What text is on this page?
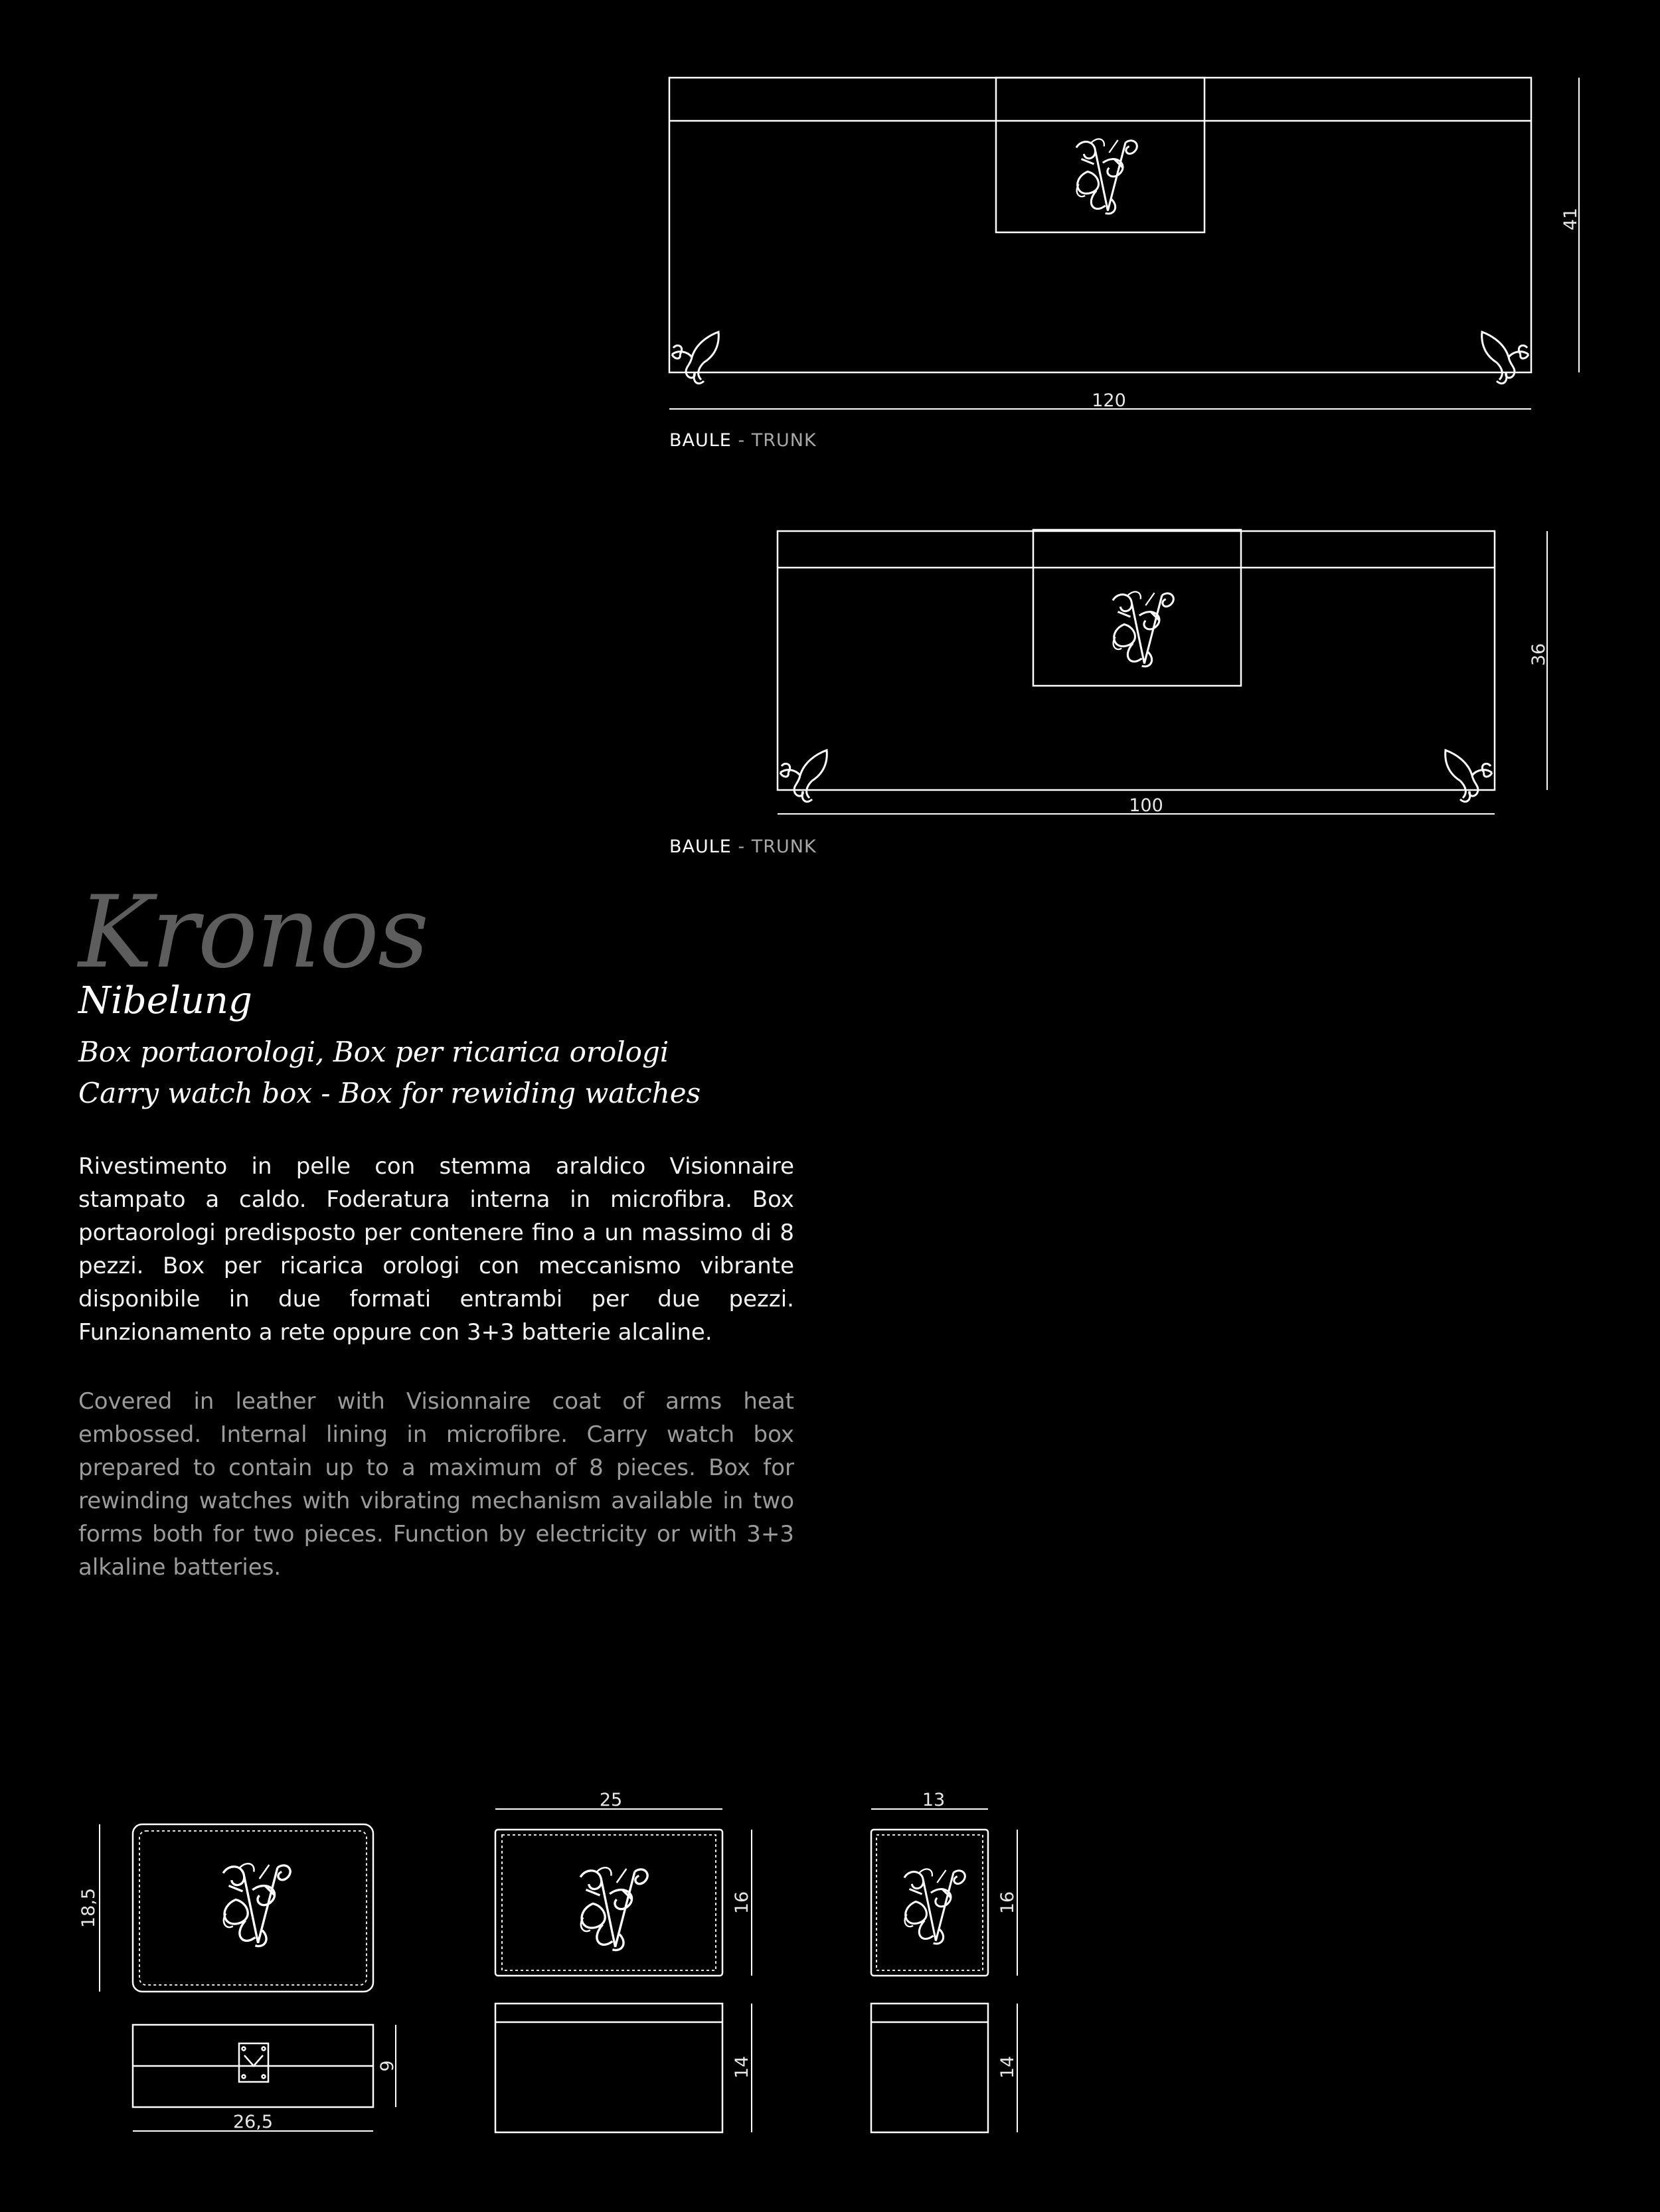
120
41
100
36
18,5
9
26,5
25
16
14
13
16
14
BAULE - TRUNK
BAULE - TRUNK
Kronos
Nibelung
Box portaorologi, Box per ricarica orologi
Carry watch box - Box for rewiding watches

Rivestimento in pelle con stemma araldico Visionnaire stampato a caldo. Foderatura interna in microfibra. Box portaorologi predisposto per contenere fino a un massimo di 8 pezzi. Box per ricarica orologi con meccanismo vibrante disponibile in due formati entrambi per due pezzi. Funzionamento a rete oppure con 3+3 batterie alcaline.

Covered in leather with Visionnaire coat of arms heat embossed. Internal lining in microfibre. Carry watch box prepared to contain up to a maximum of 8 pieces. Box for rewinding watches with vibrating mechanism available in two forms both for two pieces. Function by electricity or with 3+3 alkaline batteries.
